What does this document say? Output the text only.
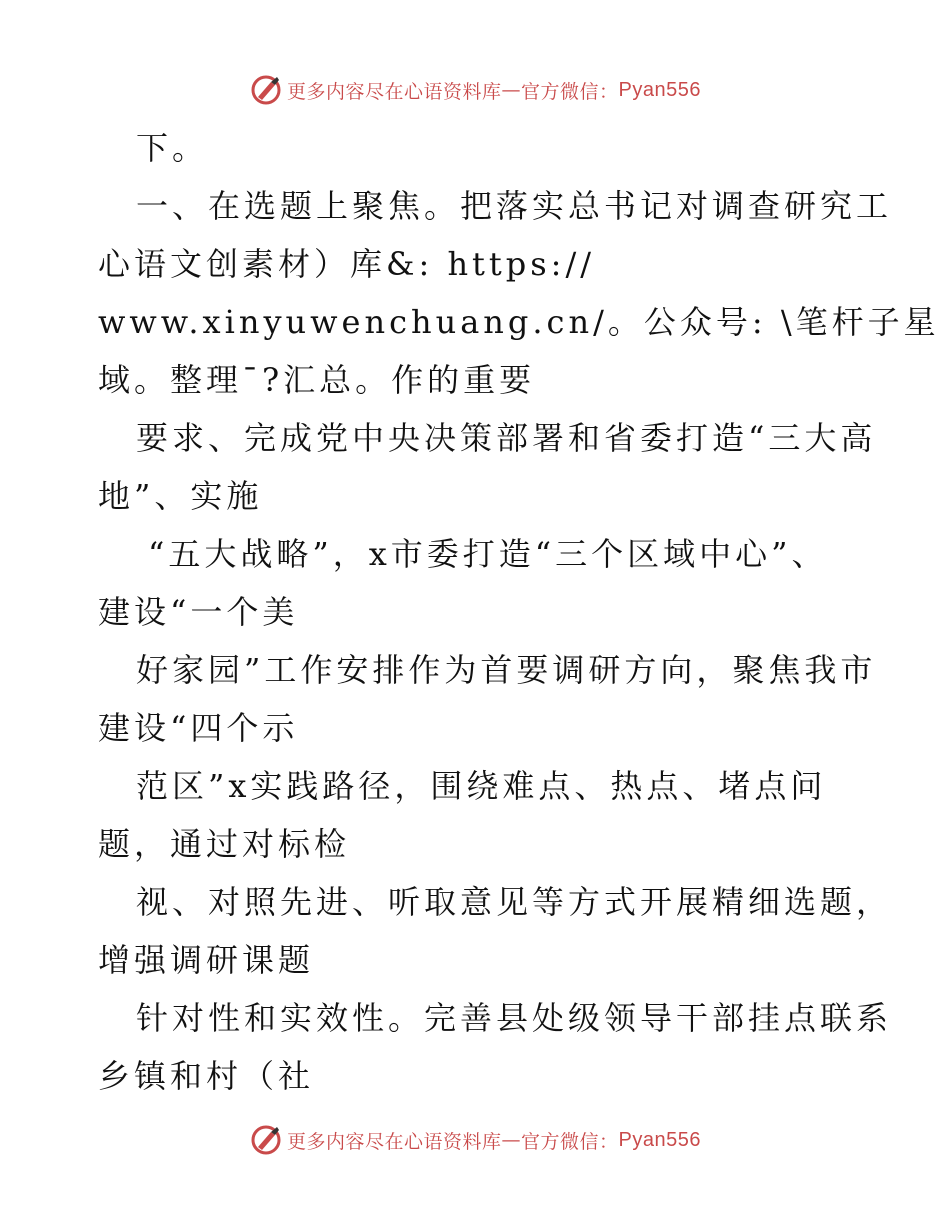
更多内容尽在心语资料库 — 官方微信： Pyan556
下。
一、在选题上聚焦。把落实总书记对调查研究工
心语文创素材）库&: https://
www.xinyuwenchuang.cn/。公众号: \笔杆子星
域。整理¯?汇总。作的重要
要求、完成党中央决策部署和省委打造“三大高
地”、实施
“五大战略”，x市委打造“三个区域中心”、
建设“一个美
好家园”工作安排作为首要调研方向，聚焦我市
建设“四个示
范区”x实践路径，围绕难点、热点、堵点问
题，通过对标检
视、对照先进、听取意见等方式开展精细选题，
增强调研课题
针对性和实效性。完善县处级领导干部挂点联系
乡镇和村（社
更多内容尽在心语资料库 — 官方微信： Pyan556
